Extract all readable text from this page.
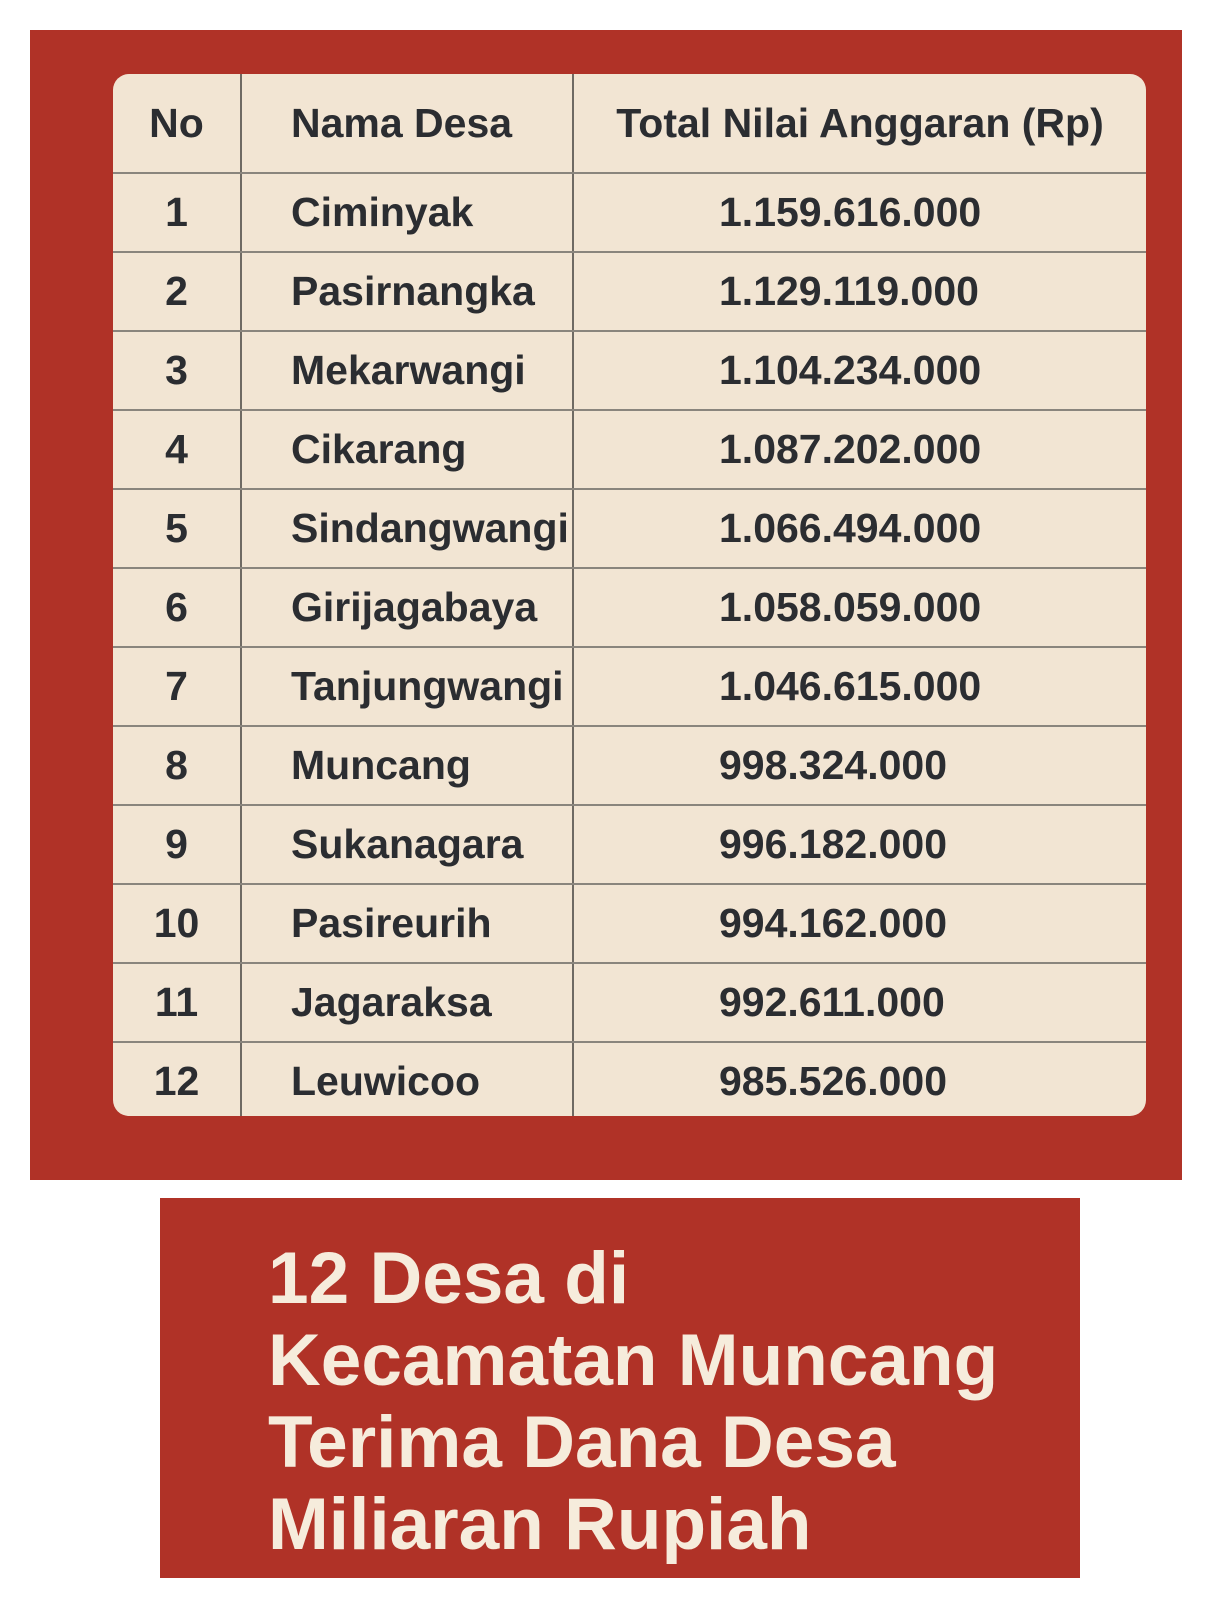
No	Nama Desa	Total Nilai Anggaran (Rp)
1	Ciminyak	1.159.616.000
2	Pasirnangka	1.129.119.000
3	Mekarwangi	1.104.234.000
4	Cikarang	1.087.202.000
5	Sindangwangi	1.066.494.000
6	Girijagabaya	1.058.059.000
7	Tanjungwangi	1.046.615.000
8	Muncang	998.324.000
9	Sukanagara	996.182.000
10	Pasireurih	994.162.000
11	Jagaraksa	992.611.000
12	Leuwicoo	985.526.000
12 Desa di
Kecamatan Muncang
Terima Dana Desa
Miliaran Rupiah
